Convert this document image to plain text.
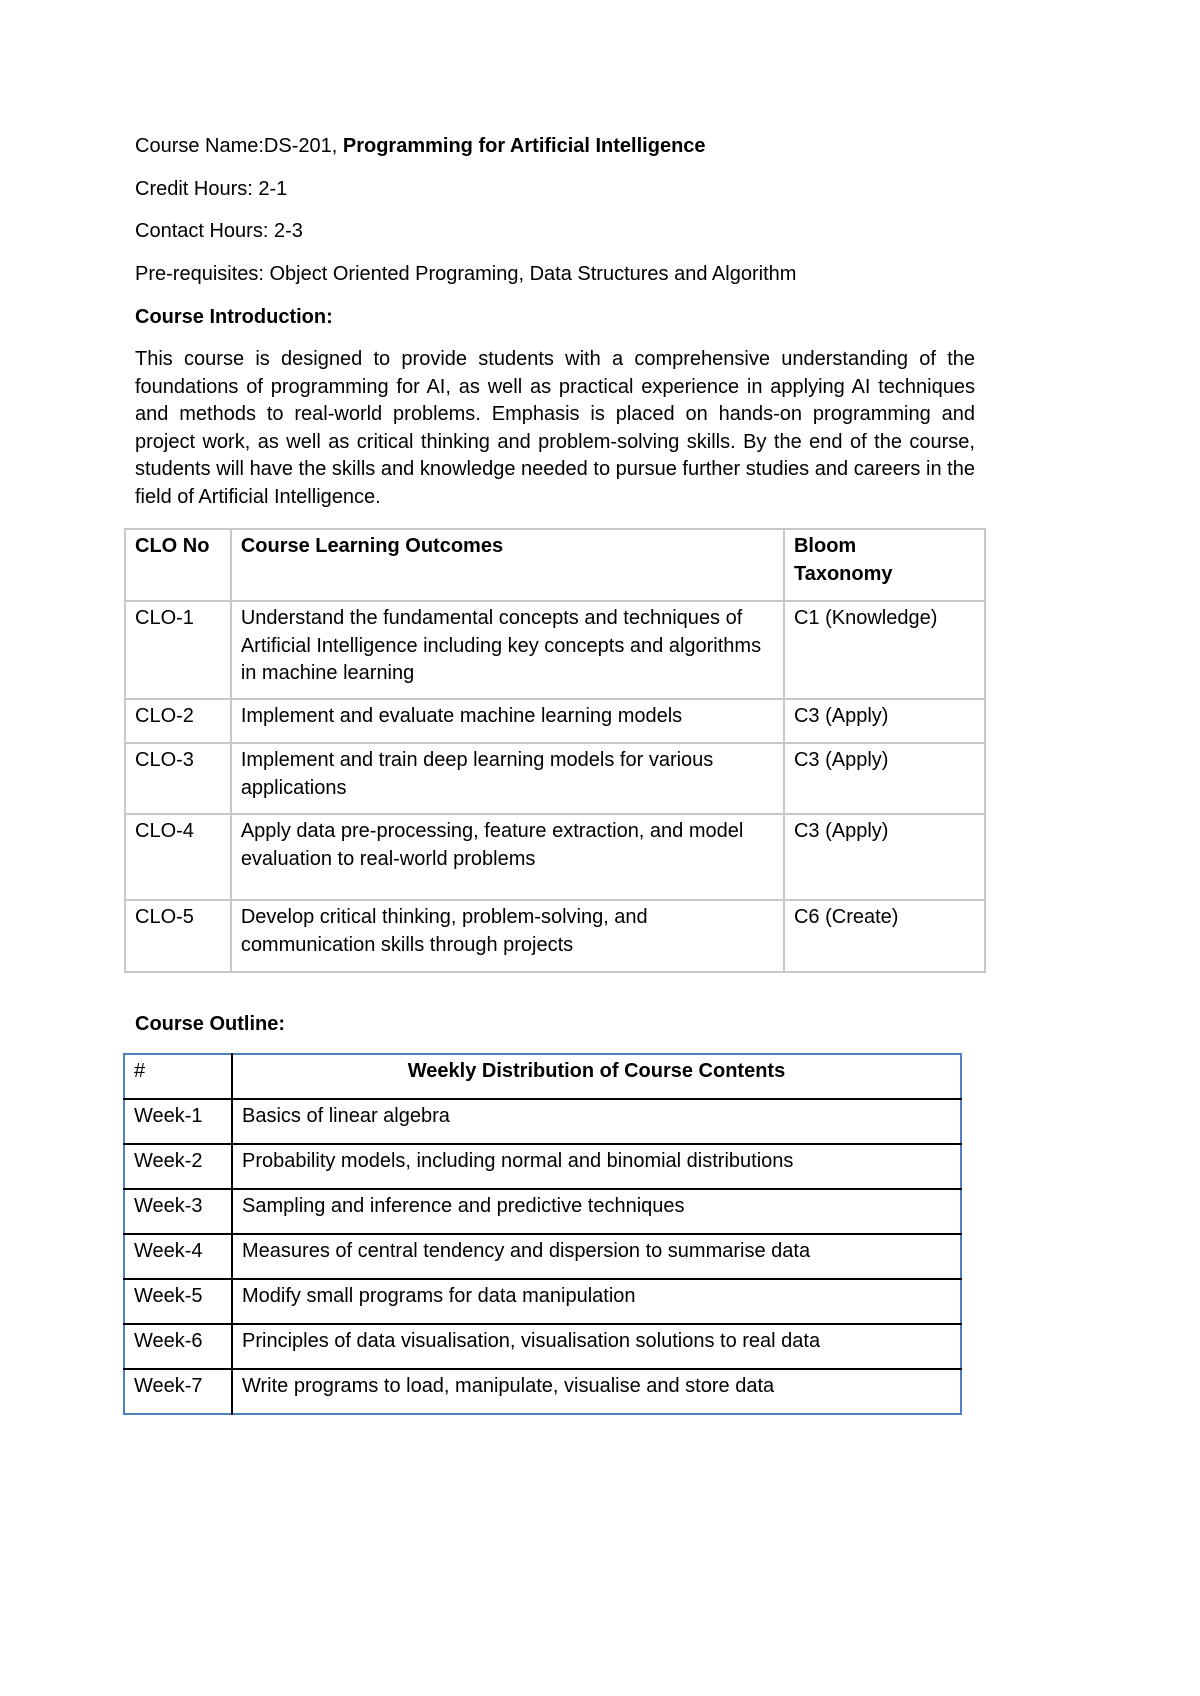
Course Name:DS-201, Programming for Artificial Intelligence
Credit Hours: 2-1
Contact Hours: 2-3
Pre-requisites: Object Oriented Programing, Data Structures and Algorithm
Course Introduction:
This course is designed to provide students with a comprehensive understanding of the foundations of programming for AI, as well as practical experience in applying AI techniques and methods to real-world problems. Emphasis is placed on hands-on programming and project work, as well as critical thinking and problem-solving skills. By the end of the course, students will have the skills and knowledge needed to pursue further studies and careers in the field of Artificial Intelligence.
CLO No	Course Learning Outcomes	Bloom Taxonomy
CLO-1	Understand the fundamental concepts and techniques of Artificial Intelligence including key concepts and algorithms in machine learning	C1 (Knowledge)
CLO-2	Implement and evaluate machine learning models	C3 (Apply)
CLO-3	Implement and train deep learning models for various applications	C3 (Apply)
CLO-4	Apply data pre-processing, feature extraction, and model evaluation to real-world problems	C3 (Apply)
CLO-5	Develop critical thinking, problem-solving, and communication skills through projects	C6 (Create)
Course Outline:
#	Weekly Distribution of Course Contents
Week-1	Basics of linear algebra
Week-2	Probability models, including normal and binomial distributions
Week-3	Sampling and inference and predictive techniques
Week-4	Measures of central tendency and dispersion to summarise data
Week-5	Modify small programs for data manipulation
Week-6	Principles of data visualisation, visualisation solutions to real data
Week-7	Write programs to load, manipulate, visualise and store data
